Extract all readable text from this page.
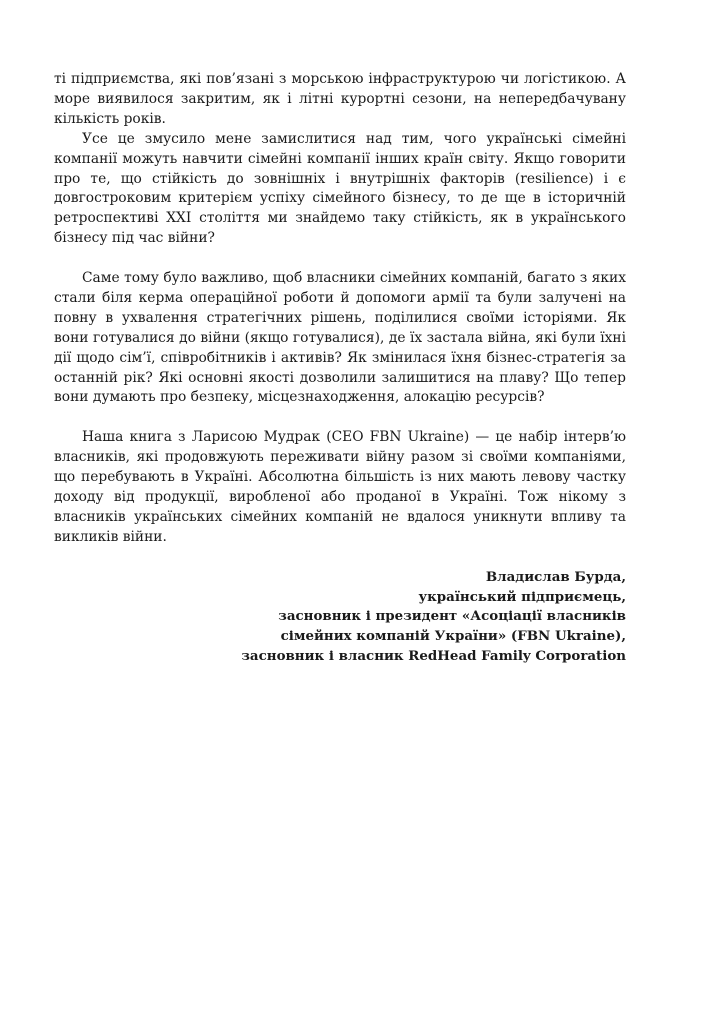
ті підприємства, які пов’язані з морською інфраструктурою чи логістикою. А море виявилося закритим, як і літні курортні сезони, на непередбачувану кількість років.

Усе це змусило мене замислитися над тим, чого українські сімейні компанії можуть навчити сімейні компанії інших країн світу. Якщо говорити про те, що стійкість до зовнішніх і внутрішніх факторів (resilience) і є довгостроковим критерієм успіху сімейного бізнесу, то де ще в історичній ретроспективі XXI століття ми знайдемо таку стійкість, як в українського бізнесу під час війни?

Саме тому було важливо, щоб власники сімейних компаній, багато з яких стали біля керма операційної роботи й допомоги армії та були залучені на повну в ухвалення стратегічних рішень, поділилися своїми історіями. Як вони готувалися до війни (якщо готувалися), де їх застала війна, які були їхні дії щодо сім’ї, співробітників і активів? Як змінилася їхня бізнес-стратегія за останній рік? Які основні якості дозволили залишитися на плаву? Що тепер вони думають про безпеку, місцезнаходження, алокацію ресурсів?

Наша книга з Ларисою Мудрак (CEO FBN Ukraine) — це набір інтерв’ю власників, які продовжують переживати війну разом зі своїми компаніями, що перебувають в Україні. Абсолютна більшість із них мають левову частку доходу від продукції, виробленої або проданої в Україні. Тож нікому з власників українських сімейних компаній не вдалося уникнути впливу та викликів війни.

Владислав Бурда,
український підприємець,
засновник і президент «Асоціації власників
сімейних компаній України» (FBN Ukraine),
засновник і власник RedHead Family Corporation
